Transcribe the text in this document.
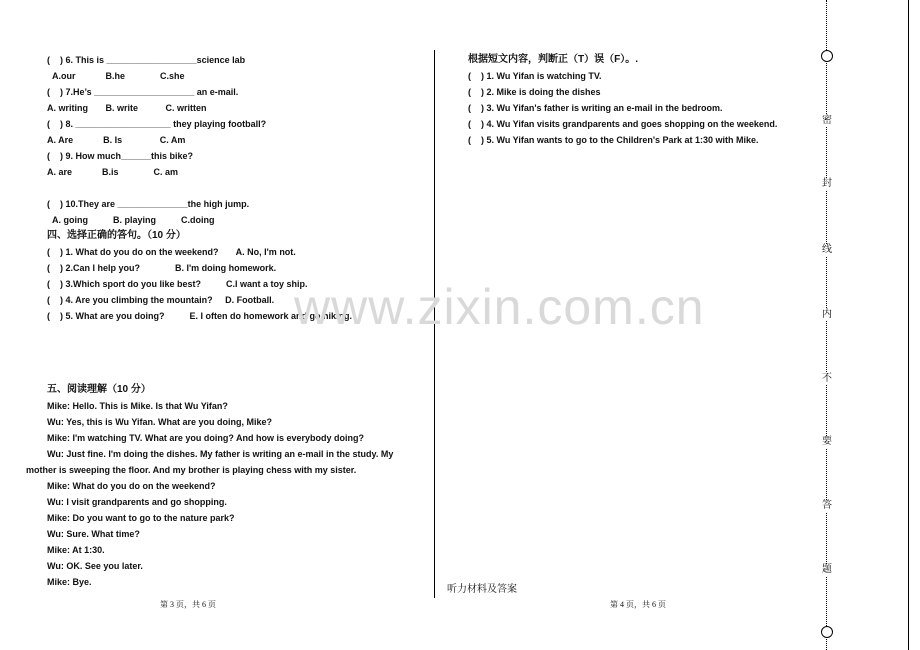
(    ) 6. This is __________________science lab
A.our            B.he              C.she
(    ) 7.He’s ____________________ an e-mail.
A. writing       B. write           C. written
(    ) 8. ___________________ they playing football?
A. Are            B. Is               C. Am
(    ) 9. How much______this bike?
A. are            B.is              C. am
(    ) 10.They are ______________the high jump.
A. going          B. playing          C.doing
四、选择正确的答句。（10 分）
(    ) 1. What do you do on the weekend?       A. No, I'm not.
(    ) 2.Can I help you?              B. I'm doing homework.
(    ) 3.Which sport do you like best?          C.I want a toy ship.
(    ) 4. Are you climbing the mountain?     D. Football.
(    ) 5. What are you doing?          E. I often do homework and go hiking.
五、阅读理解（10 分）
Mike: Hello. This is Mike. Is that Wu Yifan?
Wu: Yes, this is Wu Yifan. What are you doing, Mike?
Mike: I'm watching TV. What are you doing? And how is everybody doing?
Wu: Just fine. I'm doing the dishes. My father is writing an e-mail in the study. My
mother is sweeping the floor. And my brother is playing chess with my sister.
Mike: What do you do on the weekend?
Wu: I visit grandparents and go shopping.
Mike: Do you want to go to the nature park?
Wu: Sure. What time?
Mike: At 1:30.
Wu: OK. See you later.
Mike: Bye.
第 3 页，共 6 页
根据短文内容，判断正（T）误（F）。.
(    ) 1. Wu Yifan is watching TV.
(    ) 2. Mike is doing the dishes
(    ) 3. Wu Yifan's father is writing an e-mail in the bedroom.
(    ) 4. Wu Yifan visits grandparents and goes shopping on the weekend.
(    ) 5. Wu Yifan wants to go to the Children's Park at 1:30 with Mike.
听力材料及答案
第 4 页，共 6 页
www.zixin.com.cn
密
封
线
内
不
要
答
题
